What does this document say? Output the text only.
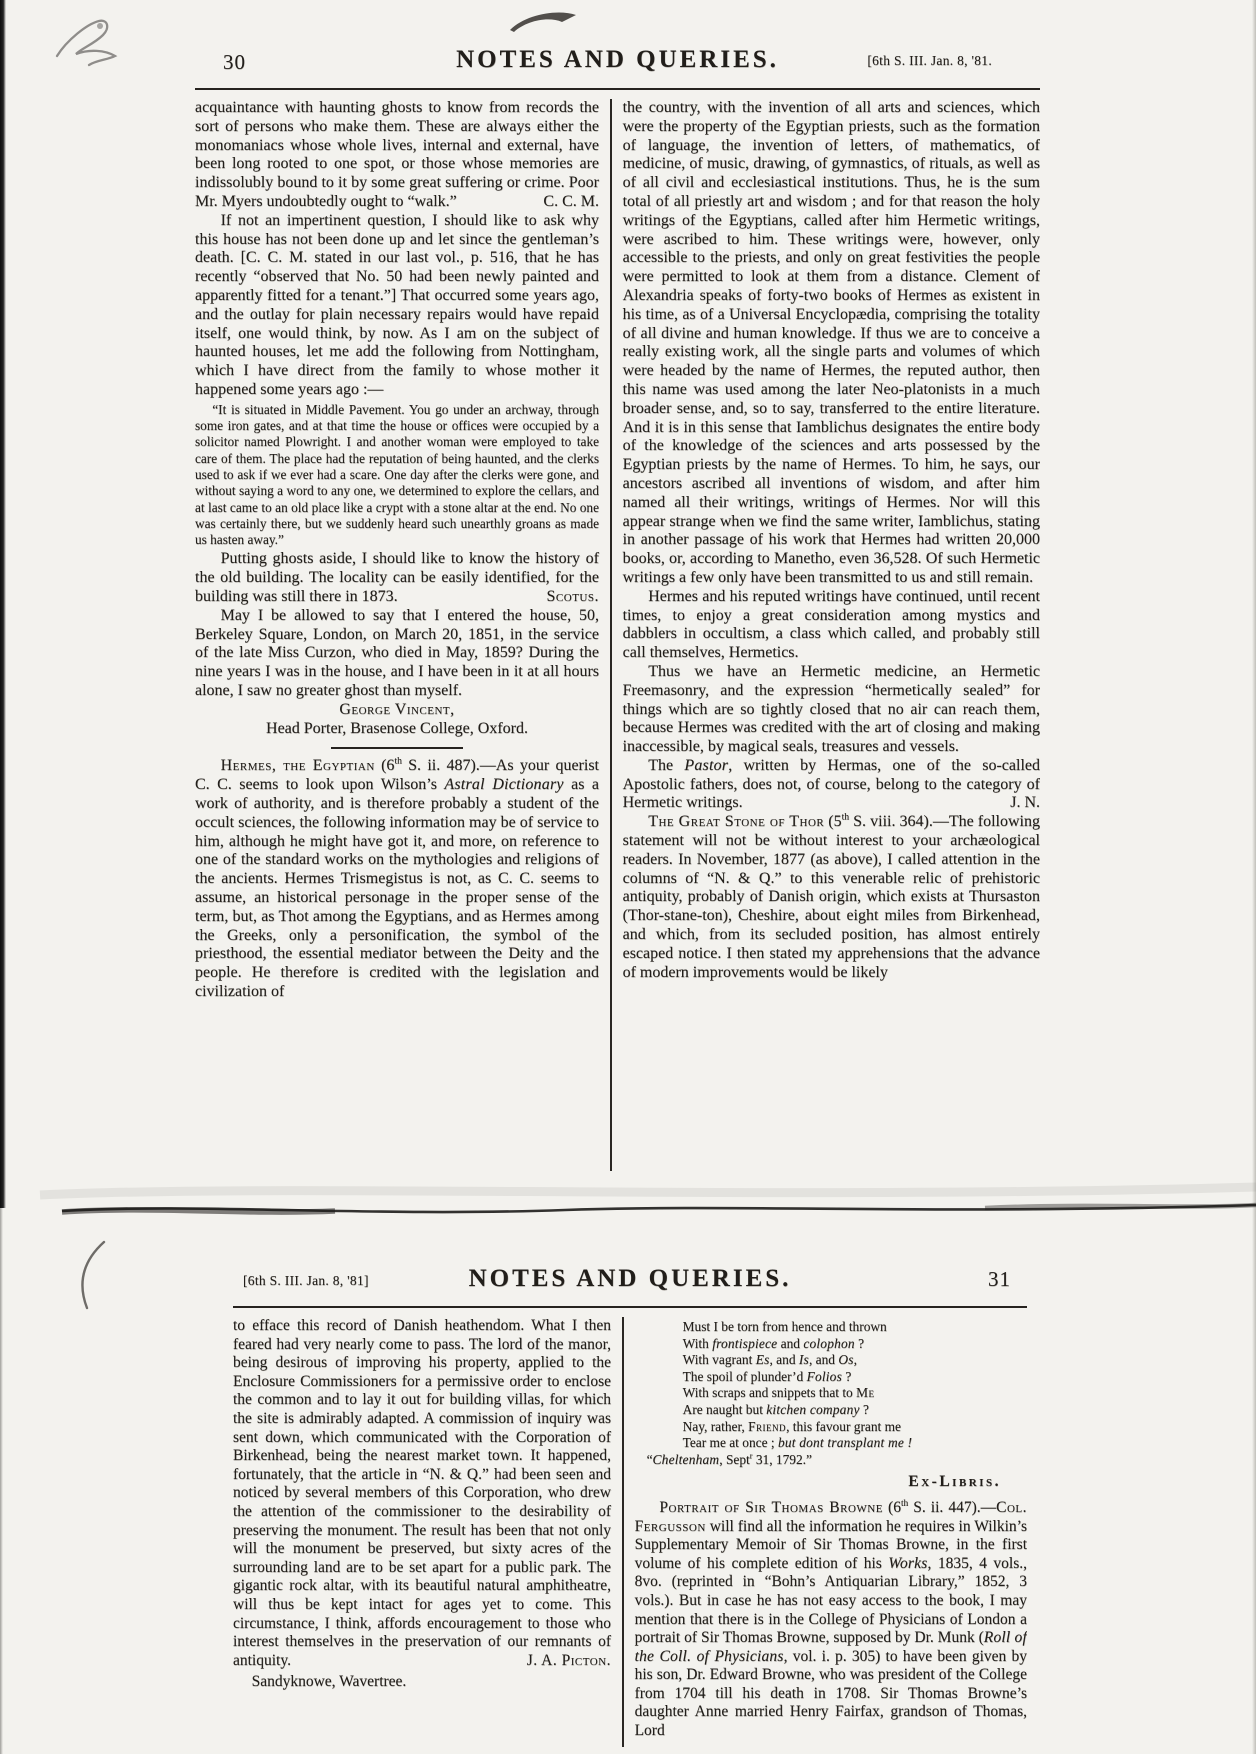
30	NOTES AND QUERIES.	[6th S. III. Jan. 8, '81.
acquaintance with haunting ghosts to know from records the sort of persons who make them. These are always either the monomaniacs whose whole lives, internal and external, have been long rooted to one spot, or those whose memories are indissolubly bound to it by some great suffering or crime. Poor Mr. Myers undoubtedly ought to “walk.”	C. C. M.
If not an impertinent question, I should like to ask why this house has not been done up and let since the gentleman’s death. [C. C. M. stated in our last vol., p. 516, that he has recently “observed that No. 50 had been newly painted and apparently fitted for a tenant.”] That occurred some years ago, and the outlay for plain necessary repairs would have repaid itself, one would think, by now. As I am on the subject of haunted houses, let me add the following from Nottingham, which I have direct from the family to whose mother it happened some years ago :—
“It is situated in Middle Pavement. You go under an archway, through some iron gates, and at that time the house or offices were occupied by a solicitor named Plowright. I and another woman were employed to take care of them. The place had the reputation of being haunted, and the clerks used to ask if we ever had a scare. One day after the clerks were gone, and without saying a word to any one, we determined to explore the cellars, and at last came to an old place like a crypt with a stone altar at the end. No one was certainly there, but we suddenly heard such unearthly groans as made us hasten away.”
Putting ghosts aside, I should like to know the history of the old building. The locality can be easily identified, for the building was still there in 1873.	Scotus.
May I be allowed to say that I entered the house, 50, Berkeley Square, London, on March 20, 1851, in the service of the late Miss Curzon, who died in May, 1859? During the nine years I was in the house, and I have been in it at all hours alone, I saw no greater ghost than myself.
George Vincent,
Head Porter, Brasenose College, Oxford.
Hermes, the Egyptian (6th S. ii. 487).—As your querist C. C. seems to look upon Wilson’s Astral Dictionary as a work of authority, and is therefore probably a student of the occult sciences, the following information may be of service to him, although he might have got it, and more, on reference to one of the standard works on the mythologies and religions of the ancients. Hermes Trismegistus is not, as C. C. seems to assume, an historical personage in the proper sense of the term, but, as Thot among the Egyptians, and as Hermes among the Greeks, only a personification, the symbol of the priesthood, the essential mediator between the Deity and the people. He therefore is credited with the legislation and civilization of
the country, with the invention of all arts and sciences, which were the property of the Egyptian priests, such as the formation of language, the invention of letters, of mathematics, of medicine, of music, drawing, of gymnastics, of rituals, as well as of all civil and ecclesiastical institutions. Thus, he is the sum total of all priestly art and wisdom ; and for that reason the holy writings of the Egyptians, called after him Hermetic writings, were ascribed to him. These writings were, however, only accessible to the priests, and only on great festivities the people were permitted to look at them from a distance. Clement of Alexandria speaks of forty-two books of Hermes as existent in his time, as of a Universal Encyclopædia, comprising the totality of all divine and human knowledge. If thus we are to conceive a really existing work, all the single parts and volumes of which were headed by the name of Hermes, the reputed author, then this name was used among the later Neo-platonists in a much broader sense, and, so to say, transferred to the entire literature. And it is in this sense that Iamblichus designates the entire body of the knowledge of the sciences and arts possessed by the Egyptian priests by the name of Hermes. To him, he says, our ancestors ascribed all inventions of wisdom, and after him named all their writings, writings of Hermes. Nor will this appear strange when we find the same writer, Iamblichus, stating in another passage of his work that Hermes had written 20,000 books, or, according to Manetho, even 36,528. Of such Hermetic writings a few only have been transmitted to us and still remain.
Hermes and his reputed writings have continued, until recent times, to enjoy a great consideration among mystics and dabblers in occultism, a class which called, and probably still call themselves, Hermetics.
Thus we have an Hermetic medicine, an Hermetic Freemasonry, and the expression “hermetically sealed” for things which are so tightly closed that no air can reach them, because Hermes was credited with the art of closing and making inaccessible, by magical seals, treasures and vessels.
The Pastor, written by Hermas, one of the so-called Apostolic fathers, does not, of course, belong to the category of Hermetic writings.	J. N.
The Great Stone of Thor (5th S. viii. 364).—The following statement will not be without interest to your archæological readers. In November, 1877 (as above), I called attention in the columns of “N. & Q.” to this venerable relic of prehistoric antiquity, probably of Danish origin, which exists at Thursaston (Thor-stane-ton), Cheshire, about eight miles from Birkenhead, and which, from its secluded position, has almost entirely escaped notice. I then stated my apprehensions that the advance of modern improvements would be likely
[6th S. III. Jan. 8, '81]	NOTES AND QUERIES.	31
to efface this record of Danish heathendom. What I then feared had very nearly come to pass. The lord of the manor, being desirous of improving his property, applied to the Enclosure Commissioners for a permissive order to enclose the common and to lay it out for building villas, for which the site is admirably adapted. A commission of inquiry was sent down, which communicated with the Corporation of Birkenhead, being the nearest market town. It happened, fortunately, that the article in “N. & Q.” had been seen and noticed by several members of this Corporation, who drew the attention of the commissioner to the desirability of preserving the monument. The result has been that not only will the monument be preserved, but sixty acres of the surrounding land are to be set apart for a public park. The gigantic rock altar, with its beautiful natural amphitheatre, will thus be kept intact for ages yet to come. This circumstance, I think, affords encouragement to those who interest themselves in the preservation of our remnants of antiquity.	J. A. Picton.
Sandyknowe, Wavertree.
Must I be torn from hence and thrown
With frontispiece and colophon ?
With vagrant Es, and Is, and Os,
The spoil of plunder’d Folios ?
With scraps and snippets that to Me
Are naught but kitchen company ?
Nay, rather, Friend, this favour grant me
Tear me at once ; but dont transplant me !
“Cheltenham, Sept$^r$ 31, 1792.”
Ex-Libris.
Portrait of Sir Thomas Browne (6th S. ii. 447).—Col. Fergusson will find all the information he requires in Wilkin’s Supplementary Memoir of Sir Thomas Browne, in the first volume of his complete edition of his Works, 1835, 4 vols., 8vo. (reprinted in “Bohn’s Antiquarian Library,” 1852, 3 vols.). But in case he has not easy access to the book, I may mention that there is in the College of Physicians of London a portrait of Sir Thomas Browne, supposed by Dr. Munk (Roll of the Coll. of Physicians, vol. i. p. 305) to have been given by his son, Dr. Edward Browne, who was president of the College from 1704 till his death in 1708. Sir Thomas Browne’s daughter Anne married Henry Fairfax, grandson of Thomas, Lord
